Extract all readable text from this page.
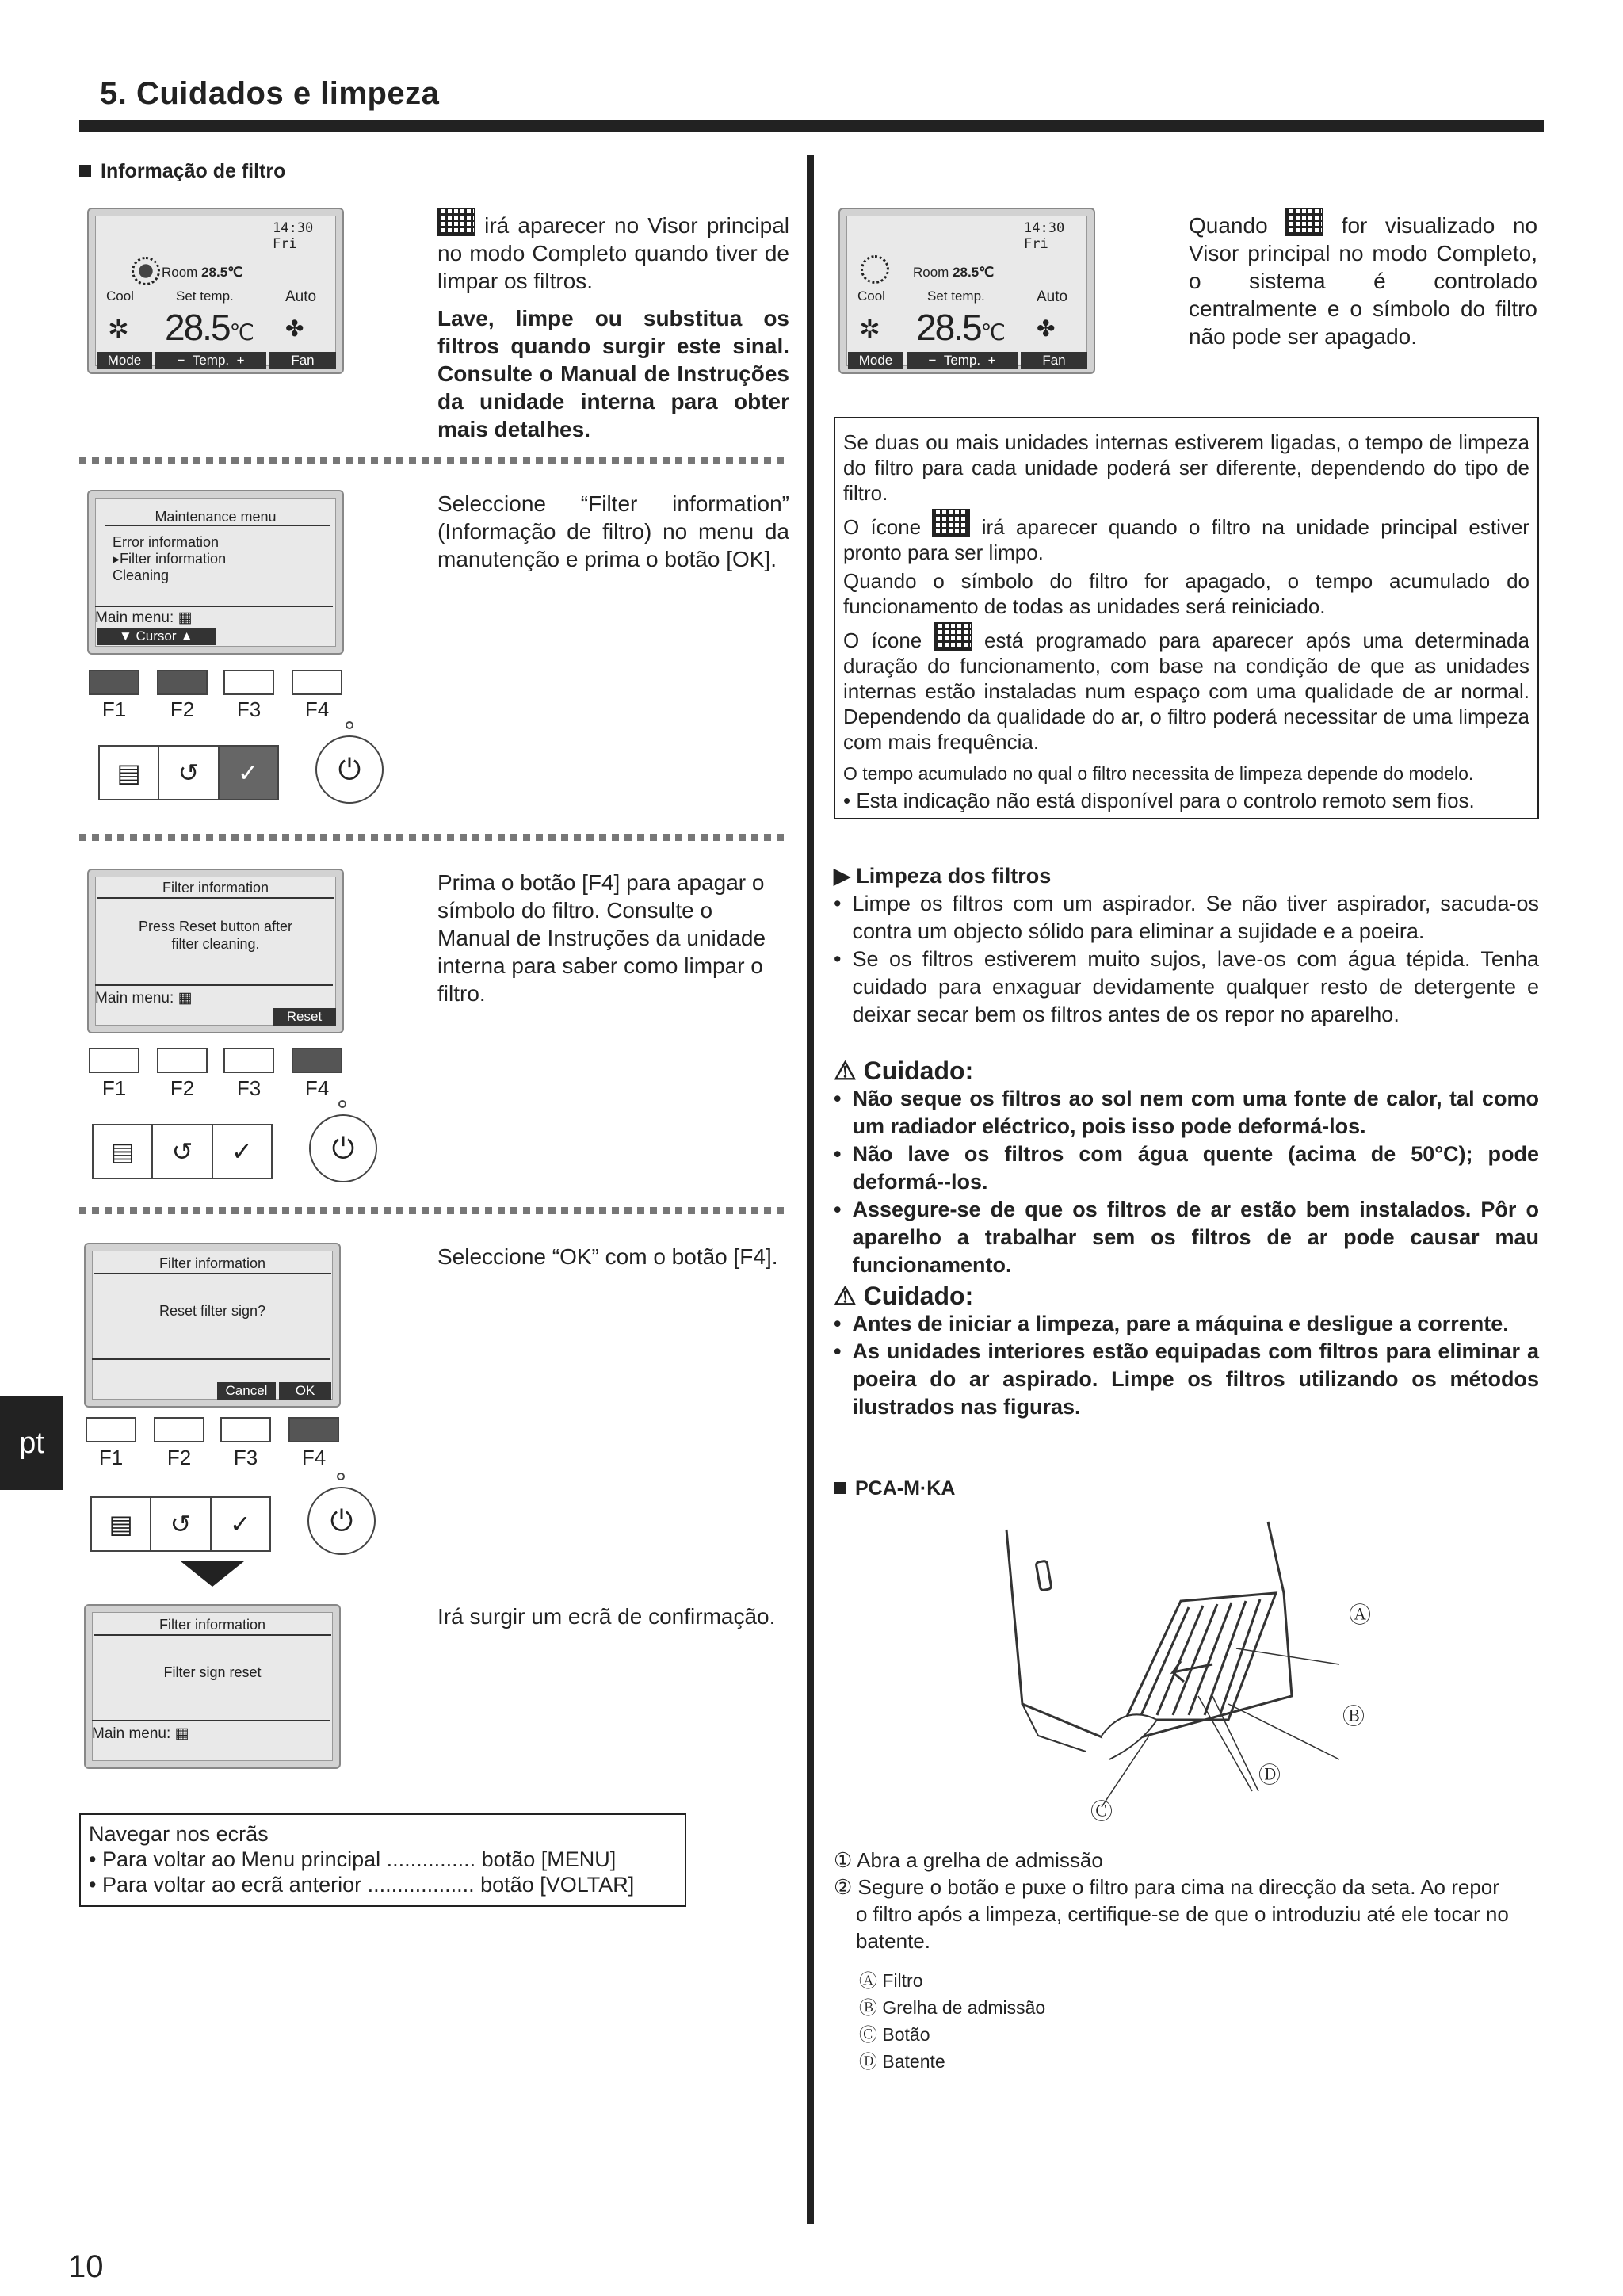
5. Cuidados e limpeza
pt
10
Informação de filtro
14:30 Fri
Room 28.5℃
Cool	Set temp.	Auto
✲ 28.5℃ ✤
Mode	− Temp. +	Fan
irá aparecer no Visor principal no modo Completo quando tiver de limpar os filtros.
Lave, limpe ou substitua os filtros quando surgir este sinal. Consulte o Manual de Instruções da unidade interna para obter mais detalhes.
Maintenance menu
Error information
▸Filter information
Cleaning
Main menu: ▦
▼ Cursor ▲
F1	F2	F3	F4
▤	↺	✓	⏻
Seleccione “Filter information” (Informação de filtro) no menu da manutenção e prima o botão [OK].
Filter information
Press Reset button after
filter cleaning.
Main menu: ▦
Reset
F1	F2	F3	F4
▤	↺	✓	⏻
Prima o botão [F4] para apagar o símbolo do filtro. Consulte o Manual de Instruções da unidade interna para saber como limpar o filtro.
Filter information
Reset filter sign?
Cancel	OK
F1	F2	F3	F4
▤	↺	✓	⏻
Seleccione “OK” com o botão [F4].
Filter information
Filter sign reset
Main menu: ▦
Irá surgir um ecrã de confirmação.
Navegar nos ecrãs
• Para voltar ao Menu principal ............... botão [MENU]
• Para voltar ao ecrã anterior .................. botão [VOLTAR]
14:30 Fri
Room 28.5℃
Cool	Set temp.	Auto
✲ 28.5℃ ✤
Mode	− Temp. +	Fan
Quando	for visualizado no Visor principal no modo Completo, o sistema é controlado centralmente e o símbolo do filtro não pode ser apagado.

Se duas ou mais unidades internas estiverem ligadas, o tempo de limpeza do filtro para cada unidade poderá ser diferente, dependendo do tipo de filtro.

O ícone	irá aparecer quando o filtro na unidade principal estiver pronto para ser limpo.

Quando o símbolo do filtro for apagado, o tempo acumulado do funcionamento de todas as unidades será reiniciado.

O ícone	está programado para aparecer após uma determinada duração do funcionamento, com base na condição de que as unidades internas estão instaladas num espaço com uma qualidade de ar normal. Dependendo da qualidade do ar, o filtro poderá necessitar de uma limpeza com mais frequência.

O tempo acumulado no qual o filtro necessita de limpeza depende do modelo.

• Esta indicação não está disponível para o controlo remoto sem fios.

▶ Limpeza dos filtros
• Limpe os filtros com um aspirador. Se não tiver aspirador, sacuda-os contra um objecto sólido para eliminar a sujidade e a poeira.
• Se os filtros estiverem muito sujos, lave-os com água tépida. Tenha cuidado para enxaguar devidamente qualquer resto de detergente e deixar secar bem os filtros antes de os repor no aparelho.
⚠ Cuidado:
• Não seque os filtros ao sol nem com uma fonte de calor, tal como um radiador eléctrico, pois isso pode deformá-los.
• Não lave os filtros com água quente (acima de 50°C); pode deformá--los.
• Assegure-se de que os filtros de ar estão bem instalados. Pôr o aparelho a trabalhar sem os filtros de ar pode causar mau funcionamento.
⚠ Cuidado:
• Antes de iniciar a limpeza, pare a máquina e desligue a corrente.
• As unidades interiores estão equipadas com filtros para eliminar a poeira do ar aspirado. Limpe os filtros utilizando os métodos ilustrados nas figuras.
PCA-M·KA
Ⓐ
Ⓑ
Ⓓ
Ⓒ
① Abra a grelha de admissão
② Segure o botão e puxe o filtro para cima na direcção da seta. Ao repor
o filtro após a limpeza, certifique-se de que o introduziu até ele tocar no batente.
Ⓐ Filtro
Ⓑ Grelha de admissão
Ⓒ Botão
Ⓓ Batente
